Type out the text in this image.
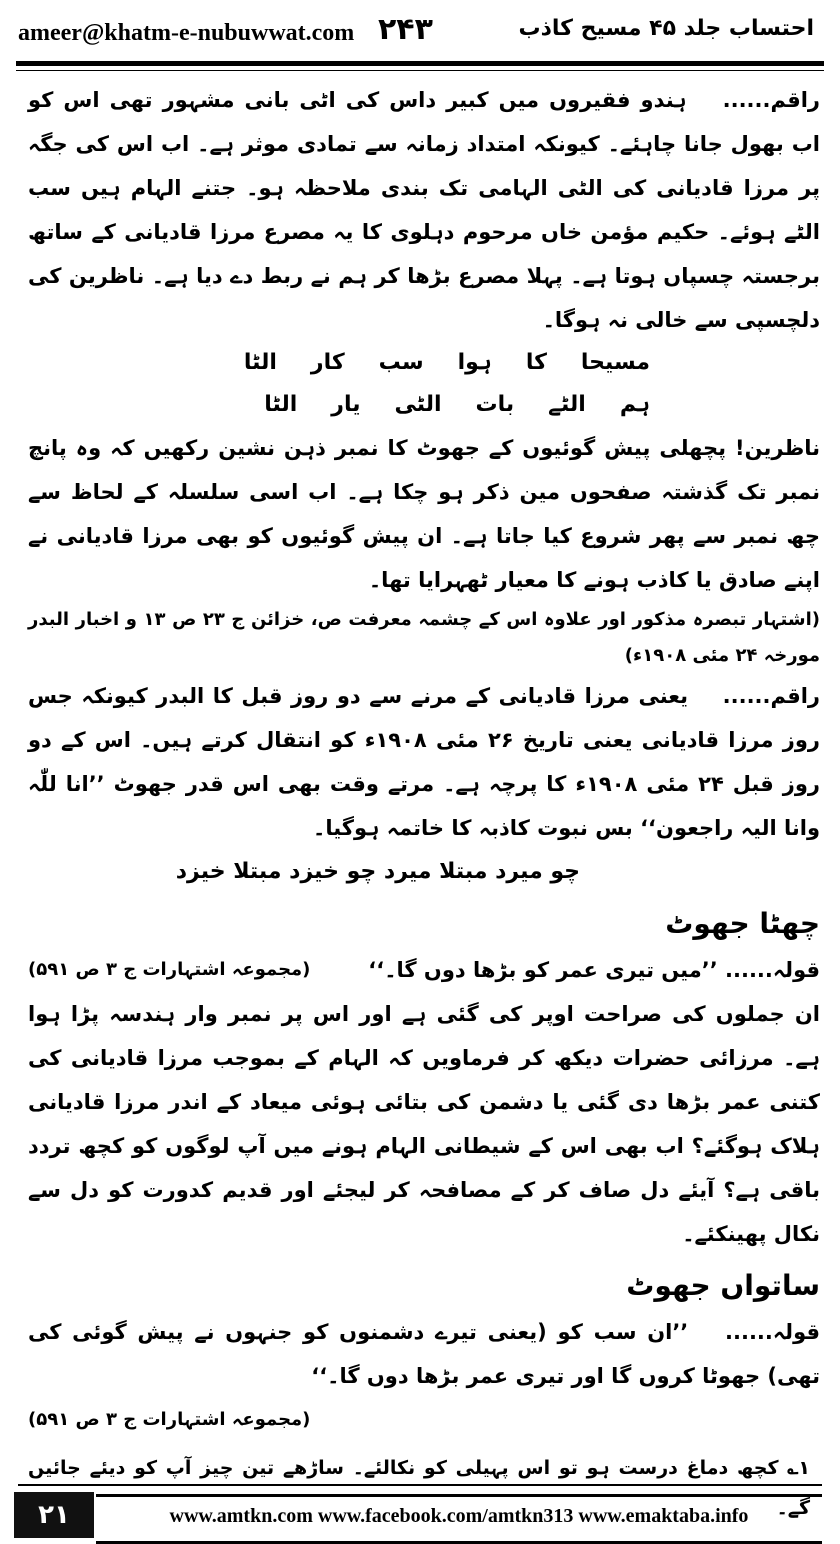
ameer@khatm-e-nubuwwat.com ۲۴۳	احتساب جلد ۴۵ مسیح کاذب

راقم...... ہندو فقیروں میں کبیر داس کی اٹی بانی مشہور تھی اس کو اب بھول جانا چاہئے۔ کیونکہ امتداد زمانہ سے تمادی موثر ہے۔ اب اس کی جگہ پر مرزا قادیانی کی الٹی الہامی تک بندی ملاحظہ ہو۔ جتنے الہام ہیں سب الٹے ہوئے۔ حکیم مؤمن خاں مرحوم دہلوی کا یہ مصرع مرزا قادیانی کے ساتھ برجستہ چسپاں ہوتا ہے۔ پہلا مصرع بڑھا کر ہم نے ربط دے دیا ہے۔ ناظرین کی دلچسپی سے خالی نہ ہوگا۔

مسیحا
کا
ہوا
سب
کار
الٹا
ہم
الٹے
بات
الٹی
یار
الٹا

ناظرین! پچھلی پیش گوئیوں کے جھوٹ کا نمبر ذہن نشین رکھیں کہ وہ پانچ نمبر تک گذشتہ صفحوں مین ذکر ہو چکا ہے۔ اب اسی سلسلہ کے لحاظ سے چھ نمبر سے پھر شروع کیا جاتا ہے۔ ان پیش گوئیوں کو بھی مرزا قادیانی نے اپنے صادق یا کاذب ہونے کا معیار ٹھہرایا تھا۔

(اشتہار تبصرہ مذکور اور علاوہ اس کے چشمہ معرفت ص، خزائن ج ۲۳ ص ۱۳ و اخبار البدر مورخہ ۲۴ مئی ۱۹۰۸ء)

راقم...... یعنی مرزا قادیانی کے مرنے سے دو روز قبل کا البدر کیونکہ جس روز مرزا قادیانی یعنی تاریخ ۲۶ مئی ۱۹۰۸ء کو انتقال کرتے ہیں۔ اس کے دو روز قبل ۲۴ مئی ۱۹۰۸ء کا پرچہ ہے۔ مرتے وقت بھی اس قدر جھوٹ ’’انا للّٰہ وانا الیہ راجعون‘‘ بس نبوت کاذبہ کا خاتمہ ہوگیا۔

چو میرد مبتلا میرد چو خیزد مبتلا خیزد
چھٹا جھوٹ
قولہ...... ’’میں تیری عمر کو بڑھا دوں گا۔‘‘
(مجموعہ اشتہارات ج ۳ ص ۵۹۱)

ان جملوں کی صراحت اوپر کی گئی ہے اور اس پر نمبر وار ہندسہ پڑا ہوا ہے۔ مرزائی حضرات دیکھ کر فرماویں کہ الہام کے بموجب مرزا قادیانی کی کتنی عمر بڑھا دی گئی یا دشمن کی بتائی ہوئی میعاد کے اندر مرزا قادیانی ہلاک ہوگئے؟ اب بھی اس کے شیطانی الہام ہونے میں آپ لوگوں کو کچھ تردد باقی ہے؟ آیئے دل صاف کر کے مصافحہ کر لیجئے اور قدیم کدورت کو دل سے نکال پھینکئے۔

ساتواں جھوٹ

قولہ...... ’’ان سب کو (یعنی تیرے دشمنوں کو جنہوں نے پیش گوئی کی تھی) جھوٹا کروں گا اور تیری عمر بڑھا دوں گا۔‘‘

(مجموعہ اشتہارات ج ۳ ص ۵۹۱)
۱؎ کچھ دماغ درست ہو تو اس پہیلی کو نکالئے۔ ساڑھے تین چیز آپ کو دیئے جائیں گے۔
۲۱	www.amtkn.com www.facebook.com/amtkn313 www.emaktaba.info
